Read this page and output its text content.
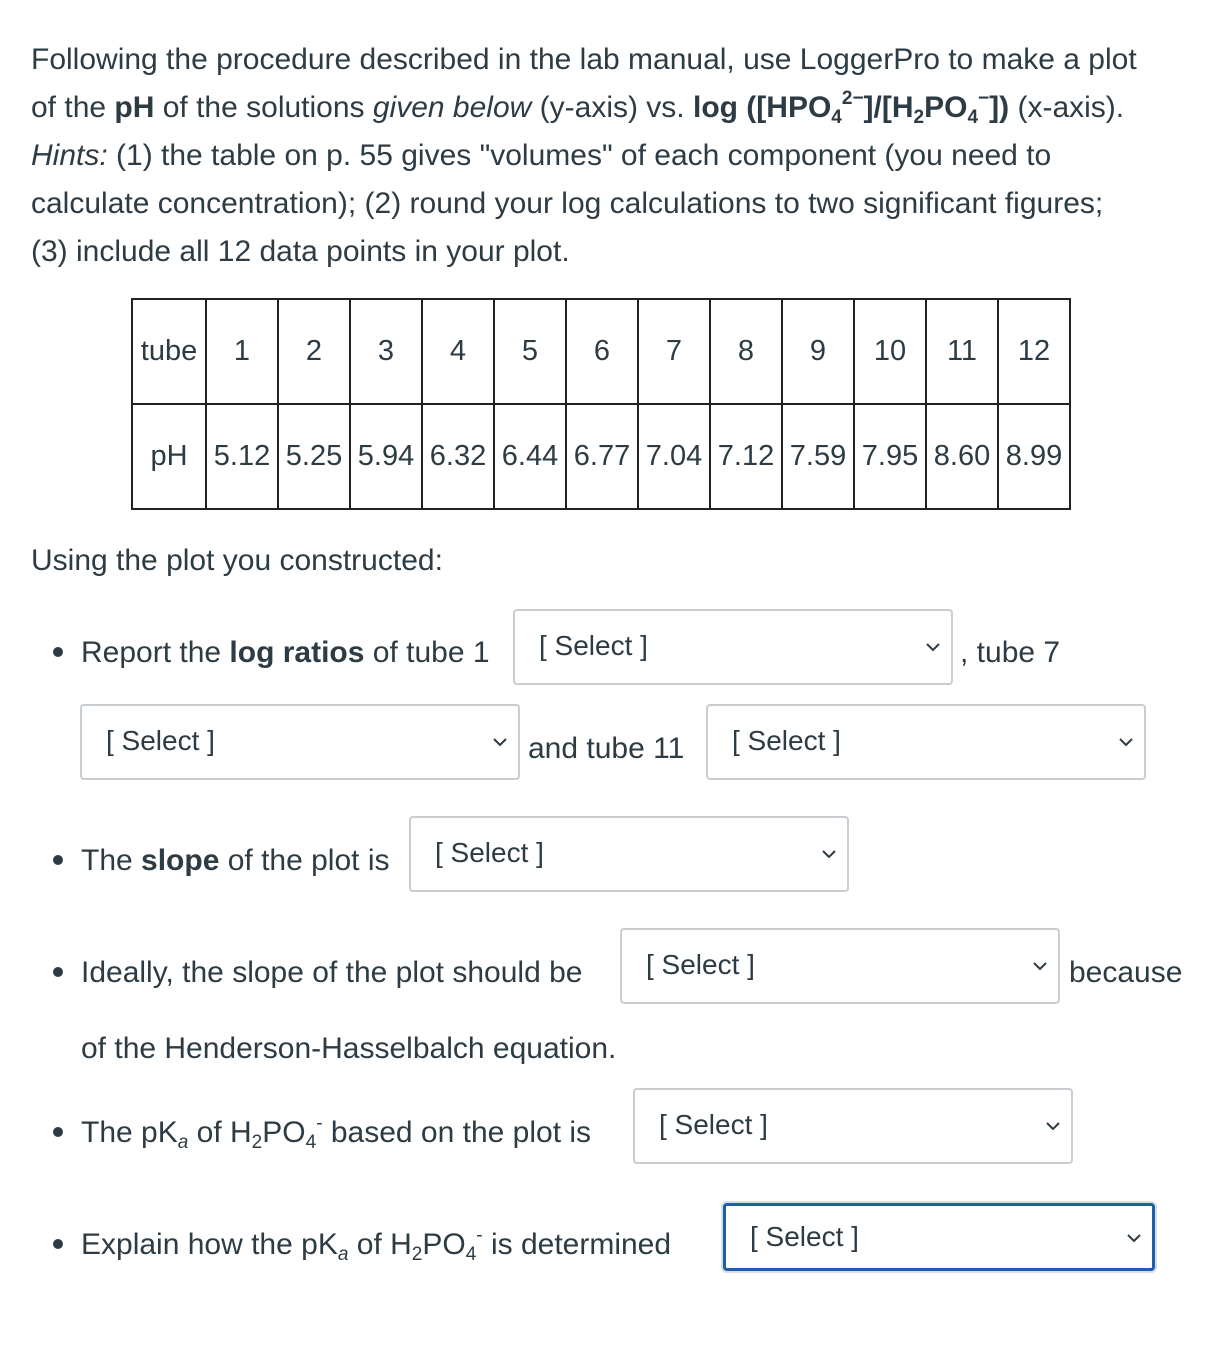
Following the procedure described in the lab manual, use LoggerPro to make a plot
of the pH of the solutions given below (y-axis) vs. $\log ([HPO_4^{2-}]/[H_2PO_4^-])$ (x-axis).
Hints: (1) the table on p. 55 gives "volumes" of each component (you need to
calculate concentration); (2) round your log calculations to two significant figures;
(3) include all 12 data points in your plot.
tube	1	2	3	4	5	6	7	8	9	10	11	12
pH	5.12	5.25	5.94	6.32	6.44	6.77	7.04	7.12	7.59	7.95	8.60	8.99
Using the plot you constructed:
Report the log ratios of tube 1 [ Select ]	, tube 7
[ Select ]	and tube 11 [ Select ]
The slope of the plot is [ Select ]
Ideally, the slope of the plot should be [ Select ]	because
of the Henderson-Hasselbalch equation.
The $pK_a$ of $H_2PO_4^-$ based on the plot is [ Select ]
Explain how the $pK_a$ of $H_2PO_4^-$ is determined	[ Select ]
